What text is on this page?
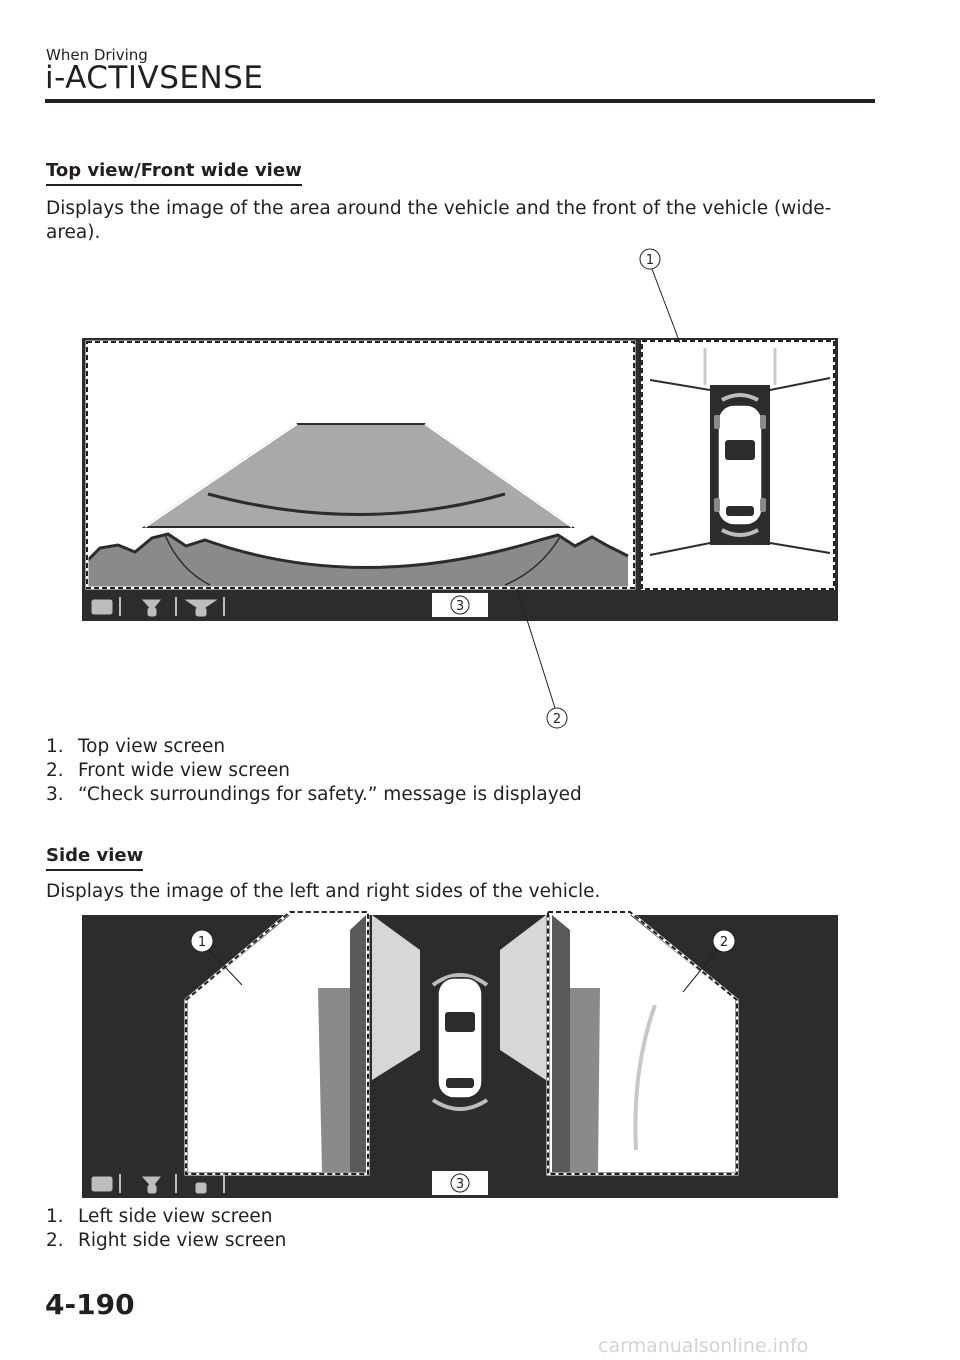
When Driving
i-ACTIVSENSE
Top view/Front wide view
Displays the image of the area around the vehicle and the front of the vehicle (wide-area).
3
1
2
1. Top view screen
2. Front wide view screen
3. “Check surroundings for safety.” message is displayed
Side view
Displays the image of the left and right sides of the vehicle.
3
1	2
1. Left side view screen
2. Right side view screen
4-190
carmanualsonline.info
